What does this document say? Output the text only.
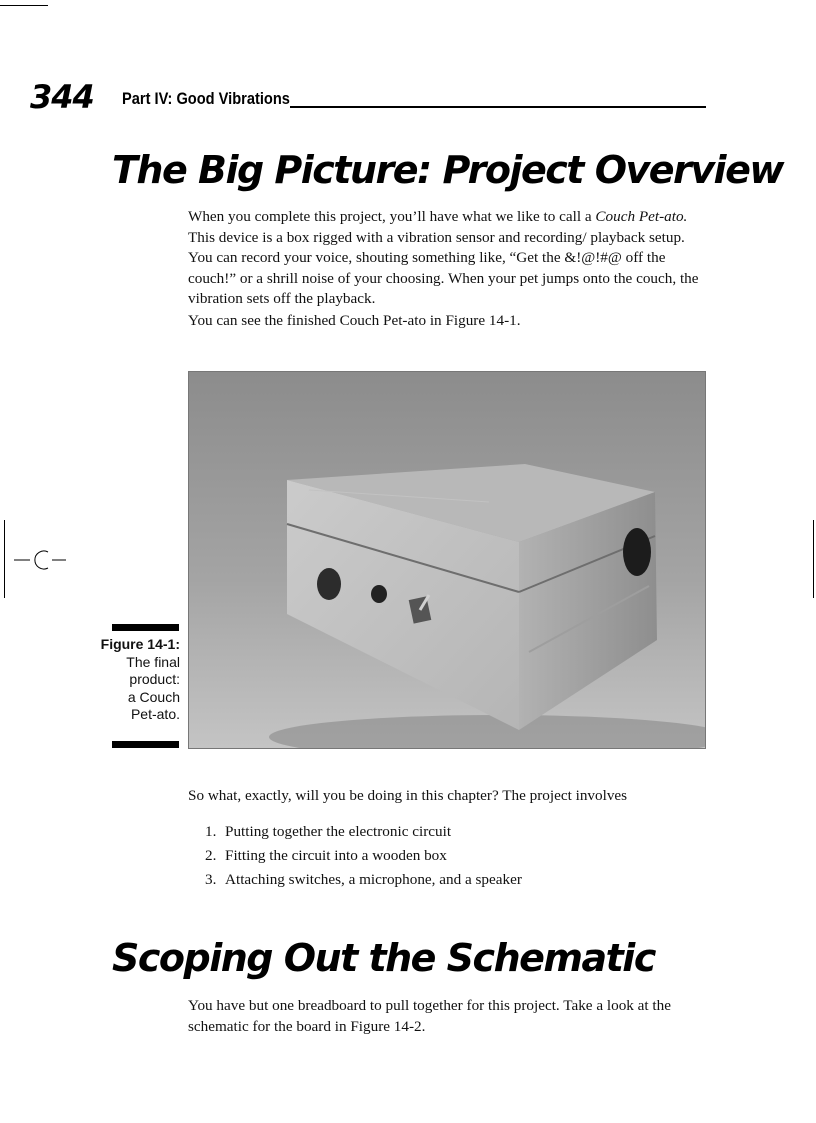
344 Part IV: Good Vibrations
The Big Picture: Project Overview

When you complete this project, you’ll have what we like to call a Couch Pet-ato. This device is a box rigged with a vibration sensor and recording/ playback setup. You can record your voice, shouting something like, “Get the &!@!#@ off the couch!” or a shrill noise of your choosing. When your pet jumps onto the couch, the vibration sets off the playback.

You can see the finished Couch Pet-ato in Figure 14-1.

Figure 14-1:
The final
product:
a Couch
Pet-ato.

So what, exactly, will you be doing in this chapter? The project involves

1. Putting together the electronic circuit
2. Fitting the circuit into a wooden box
3. Attaching switches, a microphone, and a speaker
Scoping Out the Schematic

You have but one breadboard to pull together for this project. Take a look at the schematic for the board in Figure 14-2.
